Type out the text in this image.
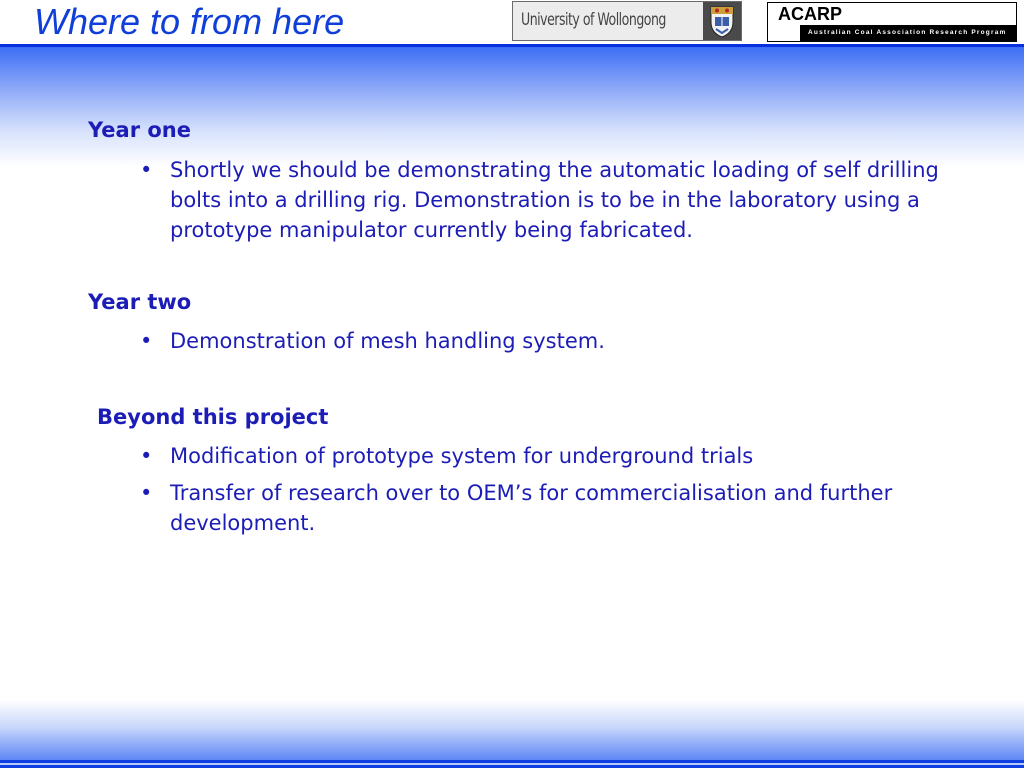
Where to from here	University of Wollongong	ACARP
Australian Coal Association Research Program
Year one
• Shortly we should be demonstrating the automatic loading of self drilling bolts into a drilling rig. Demonstration is to be in the laboratory using a prototype manipulator currently being fabricated.
Year two
• Demonstration of mesh handling system.
Beyond this project
• Modification of prototype system for underground trials
• Transfer of research over to OEM’s for commercialisation and further development.
